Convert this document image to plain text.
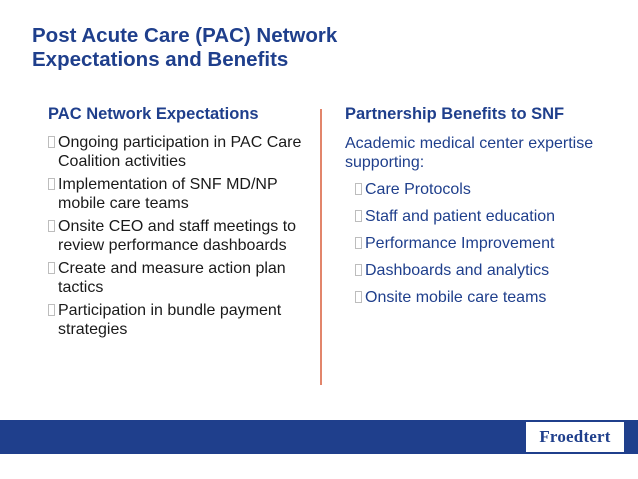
Post Acute Care (PAC) Network
Expectations and Benefits
PAC Network Expectations
Ongoing participation in PAC Care Coalition activities
Implementation of SNF MD/NP mobile care teams
Onsite CEO and staff meetings to review performance dashboards
Create and measure action plan tactics
Participation in bundle payment strategies
Partnership Benefits to SNF
Academic medical center expertise supporting:
Care Protocols
Staff and patient education
Performance Improvement
Dashboards and analytics
Onsite mobile care teams
Froedtert
